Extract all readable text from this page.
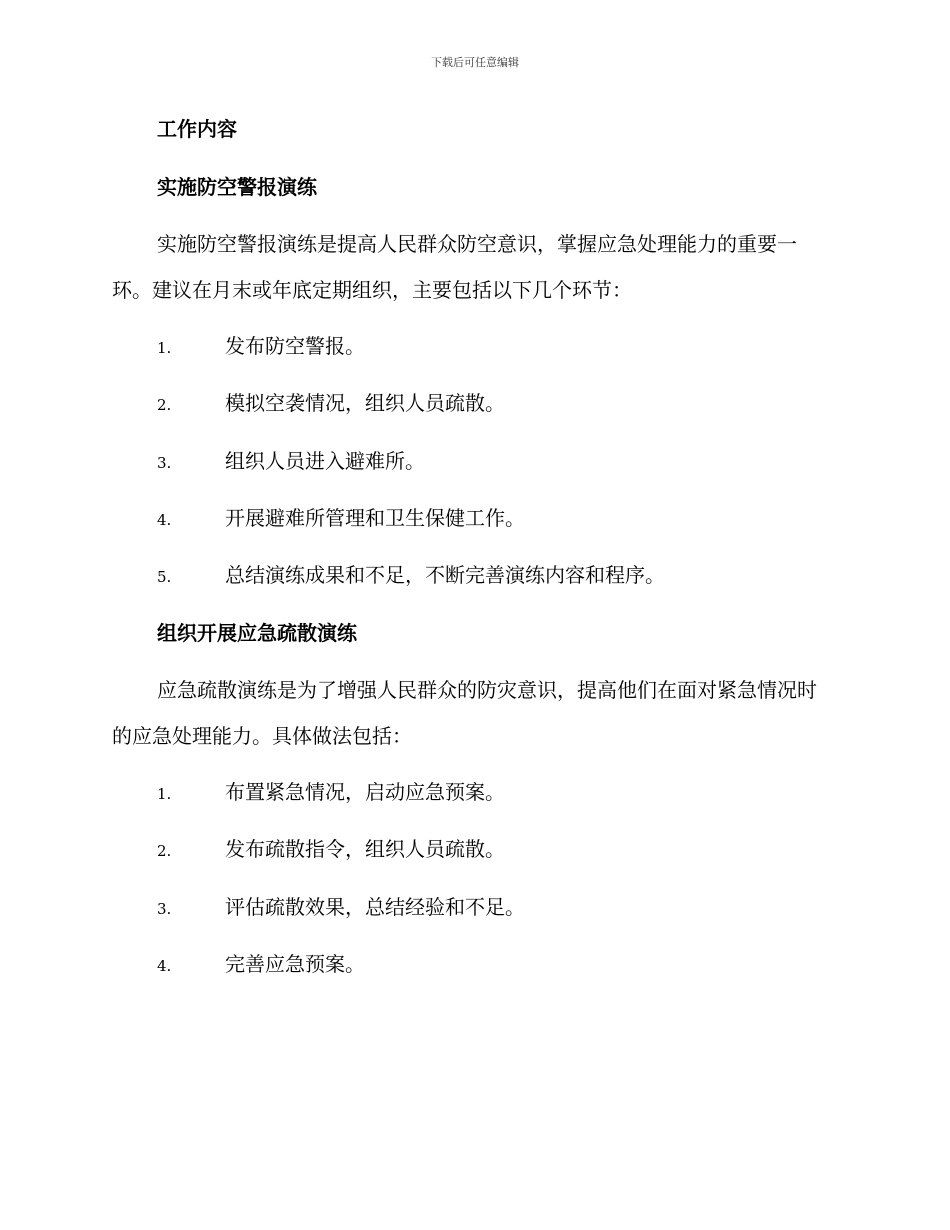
下载后可任意编辑
工作内容
实施防空警报演练

实施防空警报演练是提高人民群众防空意识，掌握应急处理能力的重要一环。建议在月末或年底定期组织，主要包括以下几个环节：

1.	发布防空警报。
2.	模拟空袭情况，组织人员疏散。
3.	组织人员进入避难所。
4.	开展避难所管理和卫生保健工作。
5.	总结演练成果和不足，不断完善演练内容和程序。
组织开展应急疏散演练

应急疏散演练是为了增强人民群众的防灾意识，提高他们在面对紧急情况时的应急处理能力。具体做法包括：

1.	布置紧急情况，启动应急预案。
2.	发布疏散指令，组织人员疏散。
3.	评估疏散效果，总结经验和不足。
4.	完善应急预案。
